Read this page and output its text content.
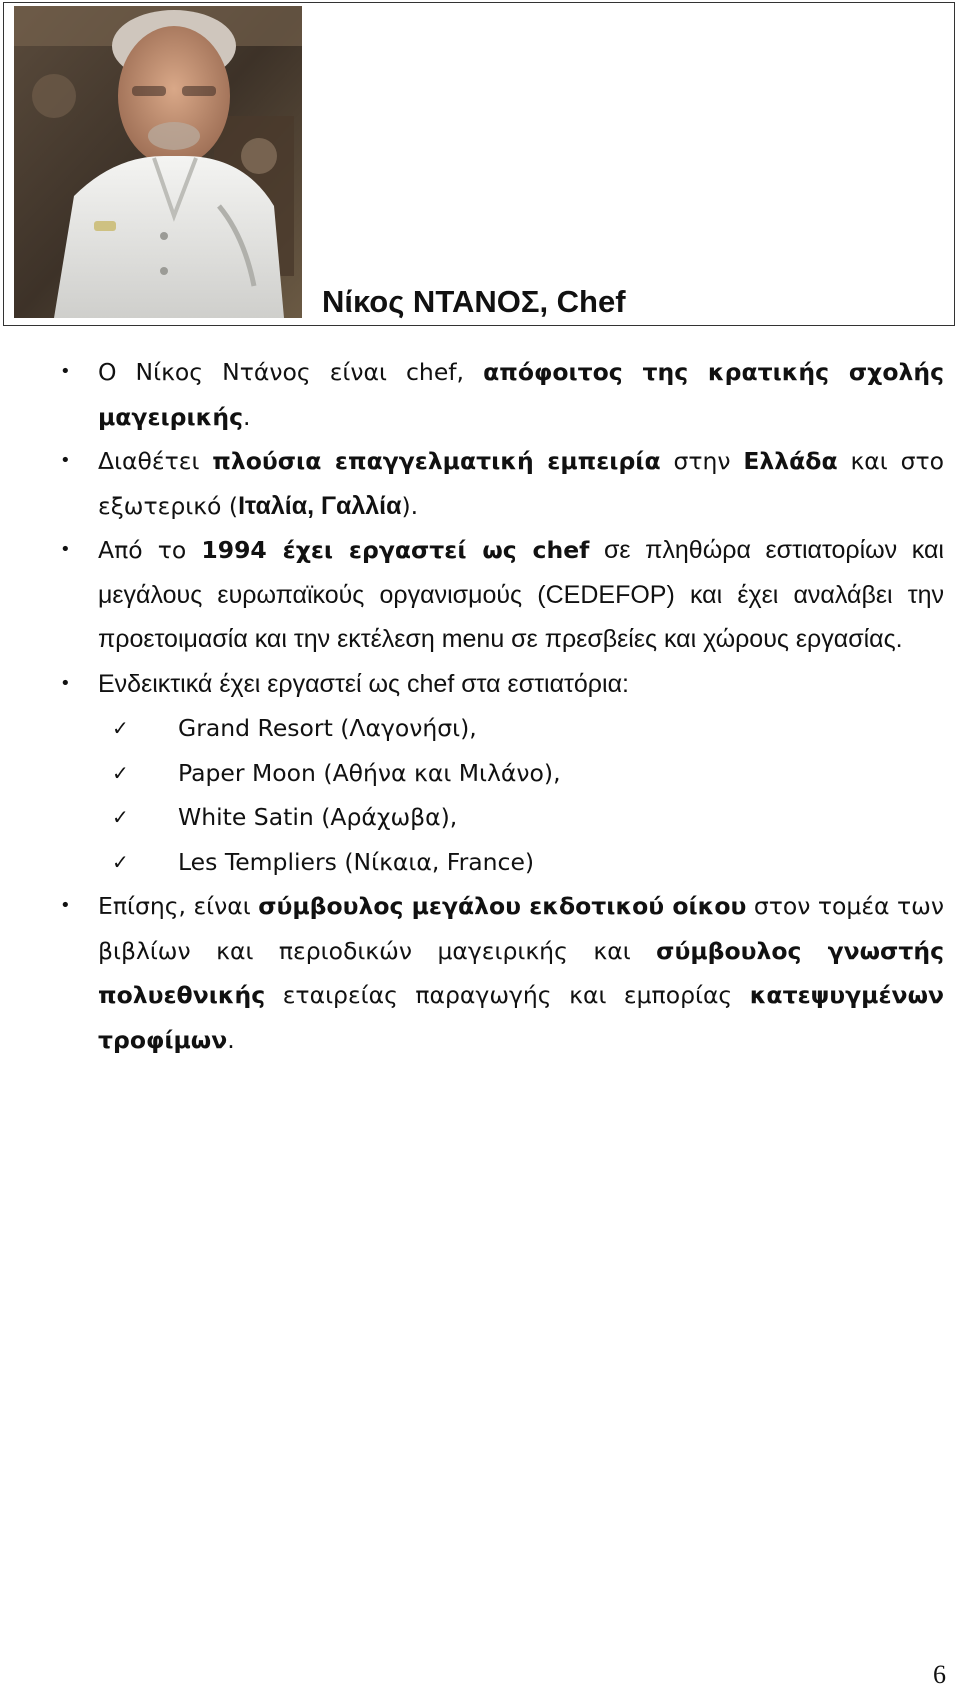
Νίκος ΝΤΑΝΟΣ, Chef
• Ο Νίκος Ντάνος είναι chef, απόφοιτος της κρατικής σχολής μαγειρικής.
• Διαθέτει πλούσια επαγγελματική εμπειρία στην Ελλάδα και στο εξωτερικό (Ιταλία, Γαλλία).
• Από το 1994 έχει εργαστεί ως chef σε πληθώρα εστιατορίων και μεγάλους ευρωπαϊκούς οργανισμούς (CEDEFOP) και έχει αναλάβει την προετοιμασία και την εκτέλεση menu σε πρεσβείες και χώρους εργασίας.
• Ενδεικτικά έχει εργαστεί ως chef στα εστιατόρια:
✓ Grand Resort (Λαγονήσι),
✓ Paper Moon (Αθήνα και Μιλάνο),
✓ White Satin (Αράχωβα),
✓ Les Templiers (Νίκαια, France)
• Επίσης, είναι σύμβουλος μεγάλου εκδοτικού οίκου στον τομέα των βιβλίων και περιοδικών μαγειρικής και σύμβουλος γνωστής πολυεθνικής εταιρείας παραγωγής και εμπορίας κατεψυγμένων τροφίμων.
6
